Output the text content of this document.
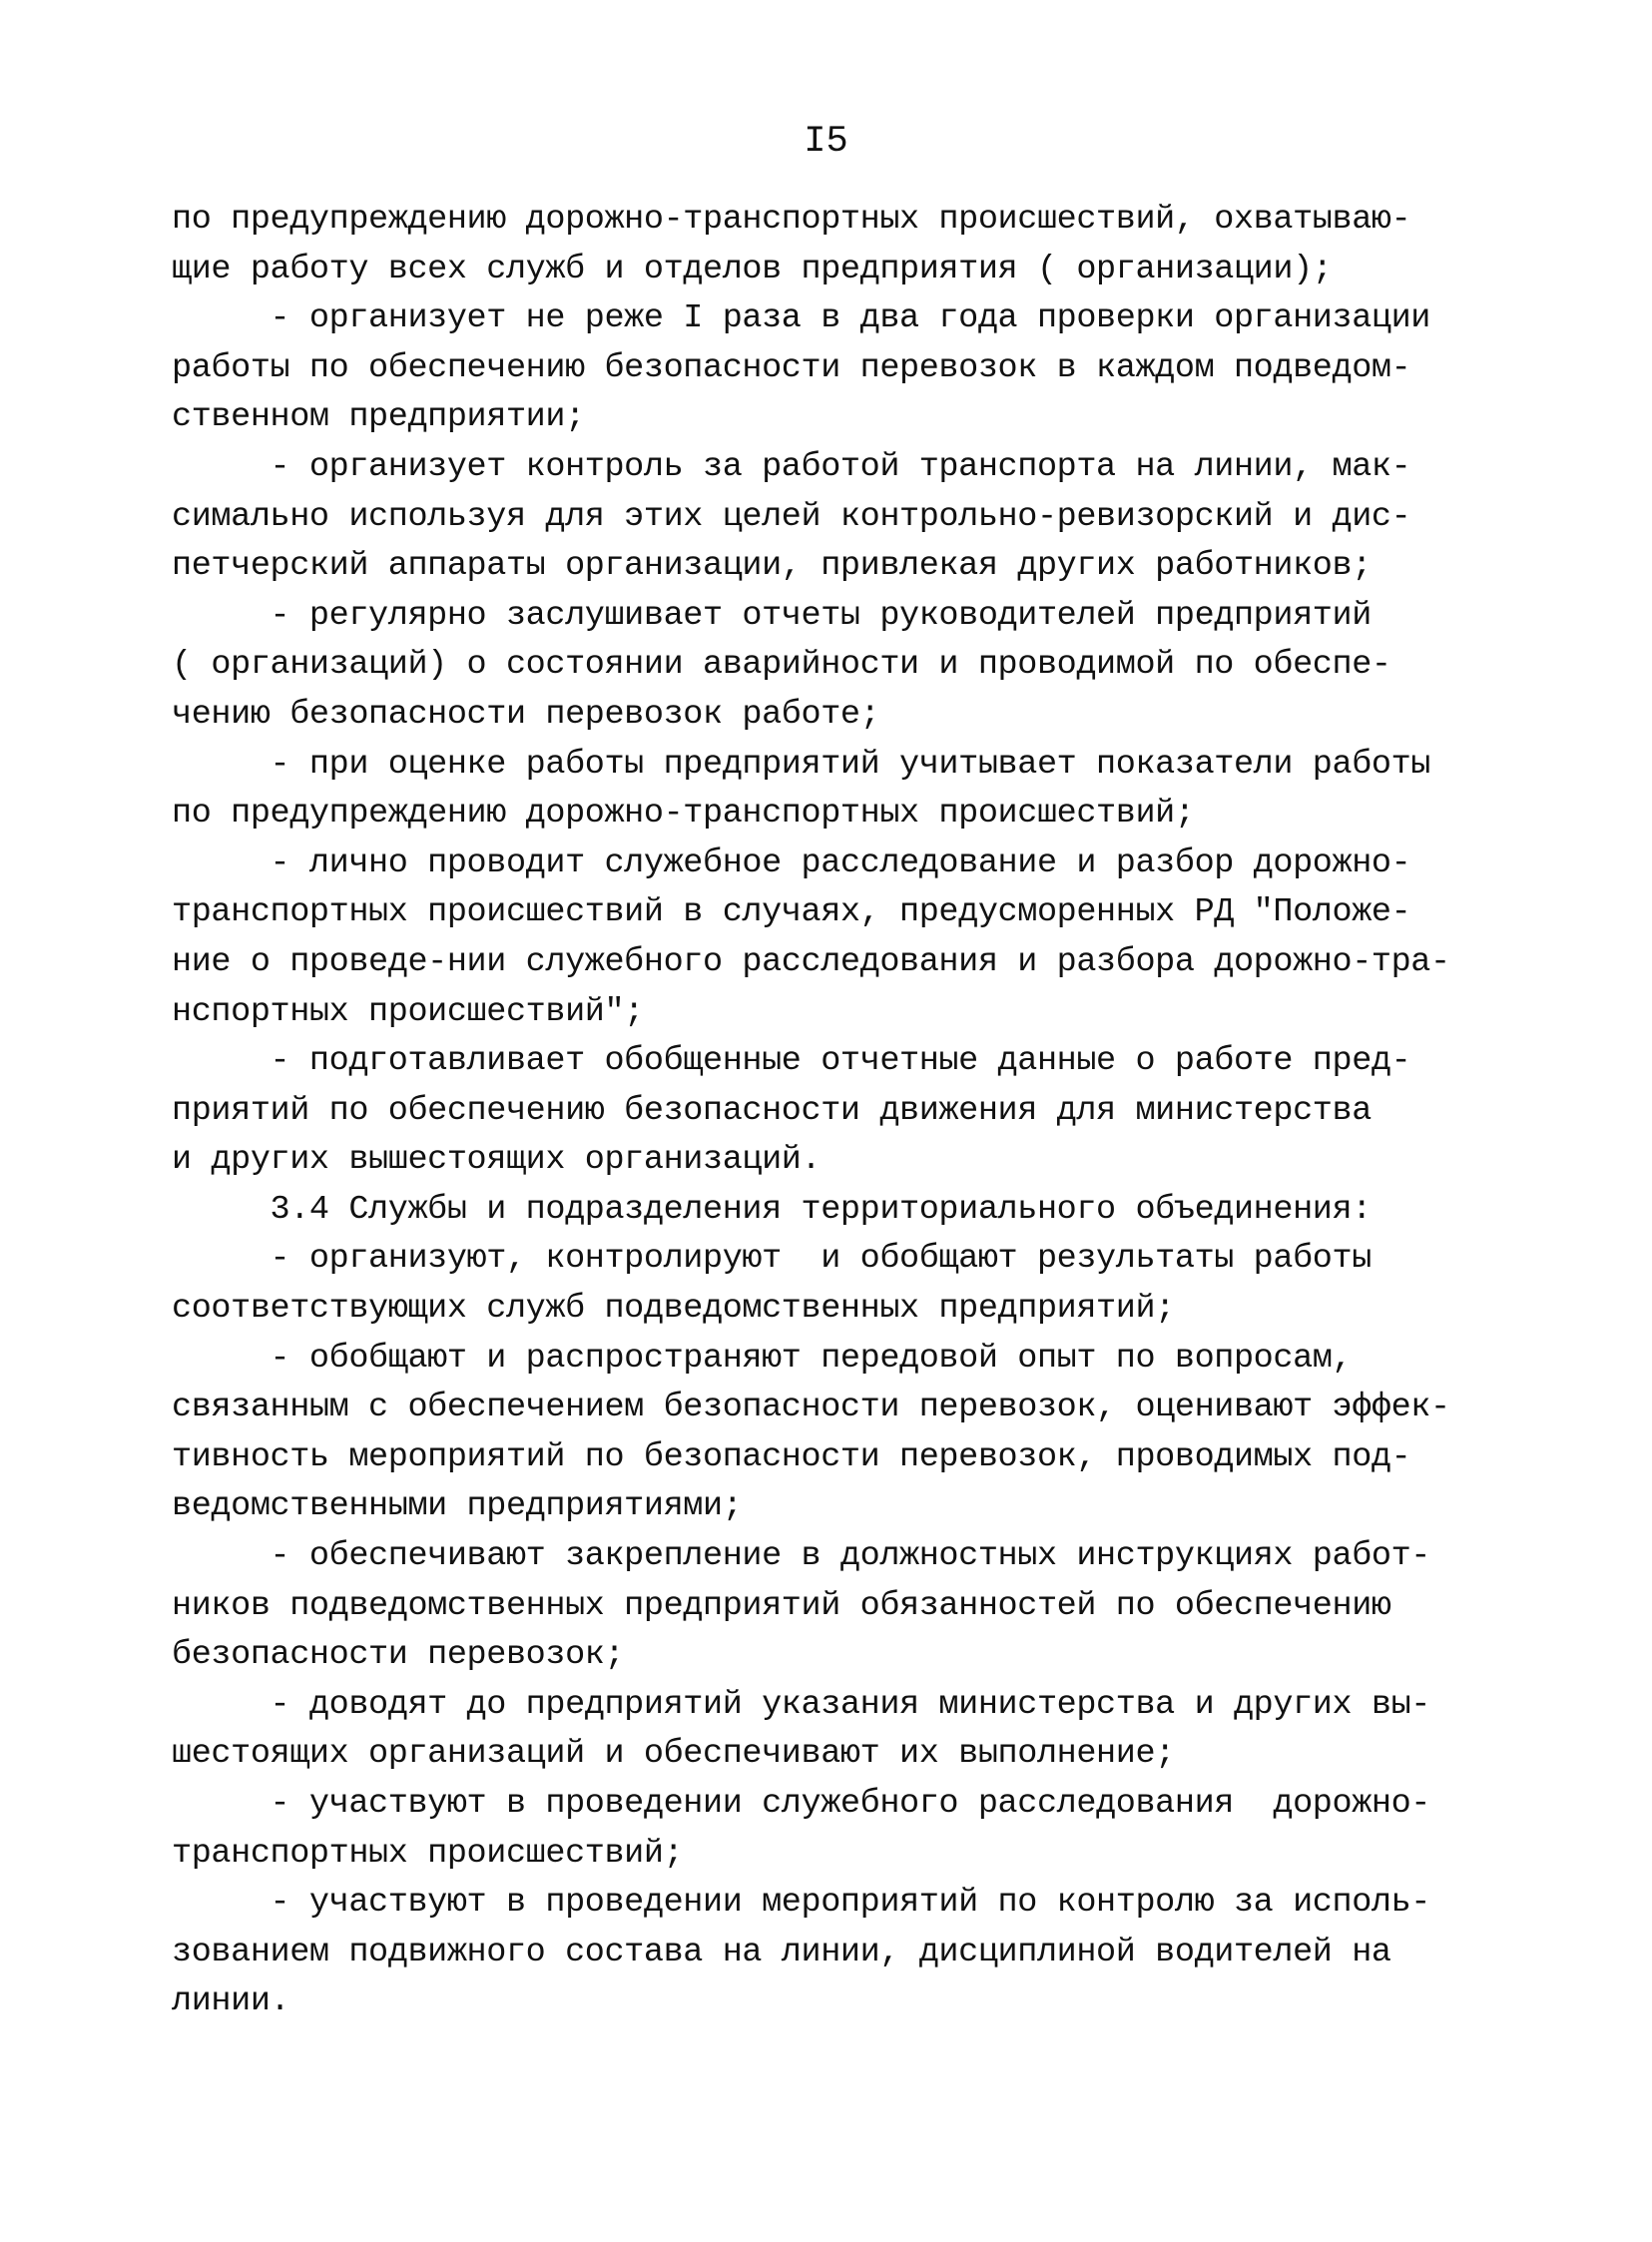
I5
по предупреждению дорожно-транспортных происшествий, охватываю-
щие работу всех служб и отделов предприятия ( организации);
- организует не реже I раза в два года проверки организации
работы по обеспечению безопасности перевозок в каждом подведом-
ственном предприятии;
- организует контроль за работой транспорта на линии, мак-
симально используя для этих целей контрольно-ревизорский и дис-
петчерский аппараты организации, привлекая других работников;
- регулярно заслушивает отчеты руководителей предприятий
( организаций) о состоянии аварийности и проводимой по обеспе-
чению безопасности перевозок работе;
- при оценке работы предприятий учитывает показатели работы
по предупреждению дорожно-транспортных происшествий;
- лично проводит служебное расследование и разбор дорожно-
транспортных происшествий в случаях, предусморенных РД "Положе-
ние о проведе-нии служебного расследования и разбора дорожно-тра-
нспортных происшествий";
- подготавливает обобщенные отчетные данные о работе пред-
приятий по обеспечению безопасности движения для министерства
и других вышестоящих организаций.
3.4 Службы и подразделения территориального объединения:
- организуют, контролируют  и обобщают результаты работы
соответствующих служб подведомственных предприятий;
- обобщают и распространяют передовой опыт по вопросам,
связанным с обеспечением безопасности перевозок, оценивают эффек-
тивность мероприятий по безопасности перевозок, проводимых под-
ведомственными предприятиями;
- обеспечивают закрепление в должностных инструкциях работ-
ников подведомственных предприятий обязанностей по обеспечению
безопасности перевозок;
- доводят до предприятий указания министерства и других вы-
шестоящих организаций и обеспечивают их выполнение;
- участвуют в проведении служебного расследования  дорожно-
транспортных происшествий;
- участвуют в проведении мероприятий по контролю за исполь-
зованием подвижного состава на линии, дисциплиной водителей на
линии.
